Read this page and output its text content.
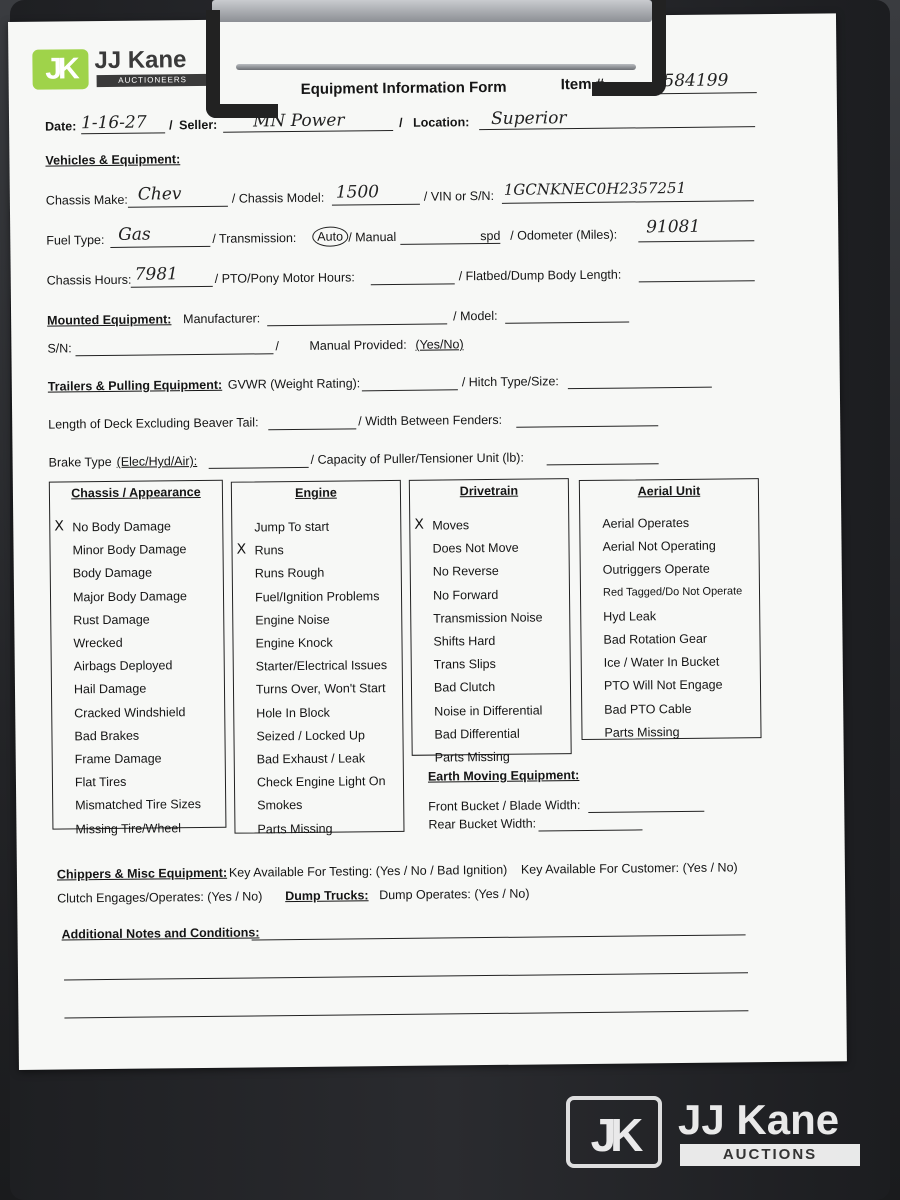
JK JJ Kane
AUCTIONEERS	Equipment Information Form	Item #	1584199
Date: 1-16-27 / Seller: MN Power	/ Location: Superior
Vehicles & Equipment:
Chassis Make: Chev	/ Chassis Model: 1500	/ VIN or S/N: 1GCNKNEC0H2357251
Fuel Type: Gas	/ Transmission:	Auto / Manual	spd / Odometer (Miles): 91081
Chassis Hours: 7981	/ PTO/Pony Motor Hours:	/ Flatbed/Dump Body Length:
Mounted Equipment: Manufacturer:	/ Model:
S/N:	/ Manual Provided: (Yes/No)
Trailers & Pulling Equipment: GVWR (Weight Rating):	/ Hitch Type/Size:
Length of Deck Excluding Beaver Tail:	/ Width Between Fenders:
Brake Type (Elec/Hyd/Air):	/ Capacity of Puller/Tensioner Unit (lb):
Chassis / Appearance
No Body Damage
X
Minor Body Damage
Body Damage
Major Body Damage
Rust Damage
Wrecked
Airbags Deployed
Hail Damage
Cracked Windshield
Bad Brakes
Frame Damage
Flat Tires
Mismatched Tire Sizes
Missing Tire/Wheel
Engine
Jump To start
Runs
X
Runs Rough
Fuel/Ignition Problems
Engine Noise
Engine Knock
Starter/Electrical Issues
Turns Over, Won't Start
Hole In Block
Seized / Locked Up
Bad Exhaust / Leak
Check Engine Light On
Smokes
Parts Missing
Drivetrain
Moves
X
Does Not Move
No Reverse
No Forward
Transmission Noise
Shifts Hard
Trans Slips
Bad Clutch
Noise in Differential
Bad Differential
Parts Missing
Aerial Unit
Aerial Operates
Aerial Not Operating
Outriggers Operate
Red Tagged/Do Not Operate
Hyd Leak
Bad Rotation Gear
Ice / Water In Bucket
PTO Will Not Engage
Bad PTO Cable
Parts Missing
Earth Moving Equipment:
Front Bucket / Blade Width:
Rear Bucket Width:
Chippers & Misc Equipment: Key Available For Testing: (Yes / No / Bad Ignition) Key Available For Customer: (Yes / No)
Clutch Engages/Operates: (Yes / No) Dump Trucks: Dump Operates: (Yes / No)
Additional Notes and Conditions:
JK JJ Kane
AUCTIONS
